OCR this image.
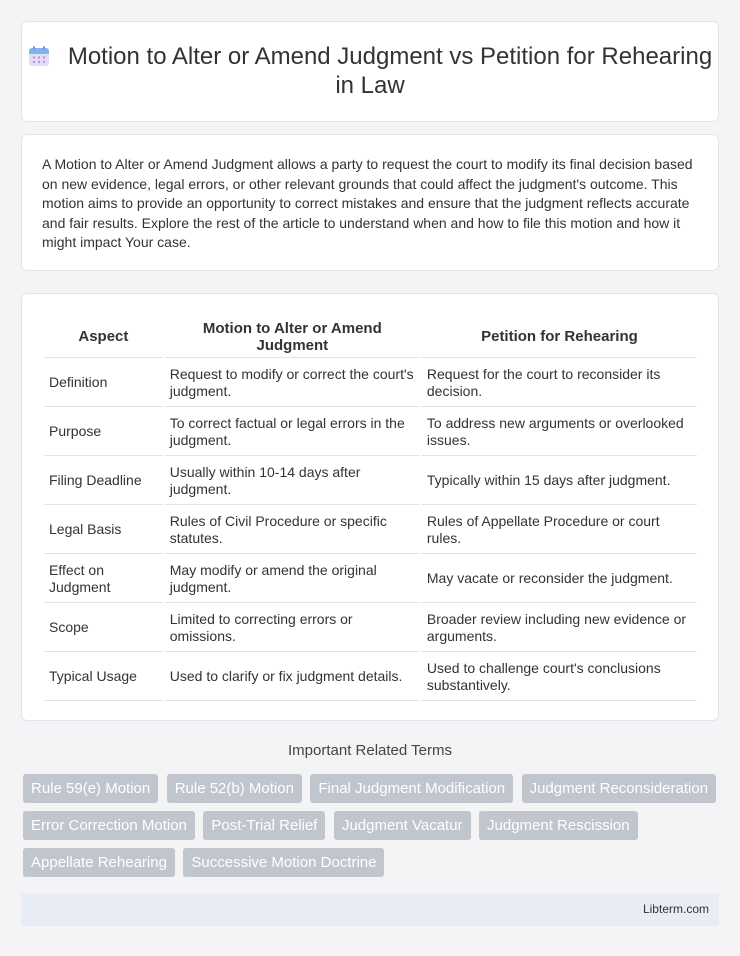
Motion to Alter or Amend Judgment vs Petition for Rehearing in Law

A Motion to Alter or Amend Judgment allows a party to request the court to modify its final decision based on new evidence, legal errors, or other relevant grounds that could affect the judgment's outcome. This motion aims to provide an opportunity to correct mistakes and ensure that the judgment reflects accurate and fair results. Explore the rest of the article to understand when and how to file this motion and how it might impact Your case.

Aspect	Motion to Alter or Amend Judgment	Petition for Rehearing
Definition	Request to modify or correct the court's judgment.	Request for the court to reconsider its decision.
Purpose	To correct factual or legal errors in the judgment.	To address new arguments or overlooked issues.
Filing Deadline	Usually within 10-14 days after judgment.	Typically within 15 days after judgment.
Legal Basis	Rules of Civil Procedure or specific statutes.	Rules of Appellate Procedure or court rules.
Effect on Judgment	May modify or amend the original judgment.	May vacate or reconsider the judgment.
Scope	Limited to correcting errors or omissions.	Broader review including new evidence or arguments.
Typical Usage	Used to clarify or fix judgment details.	Used to challenge court's conclusions substantively.
Important Related Terms
Rule 59(e) Motion Rule 52(b) Motion Final Judgment Modification Judgment Reconsideration Error Correction Motion Post-Trial Relief Judgment Vacatur Judgment Rescission Appellate Rehearing Successive Motion Doctrine
Libterm.com
